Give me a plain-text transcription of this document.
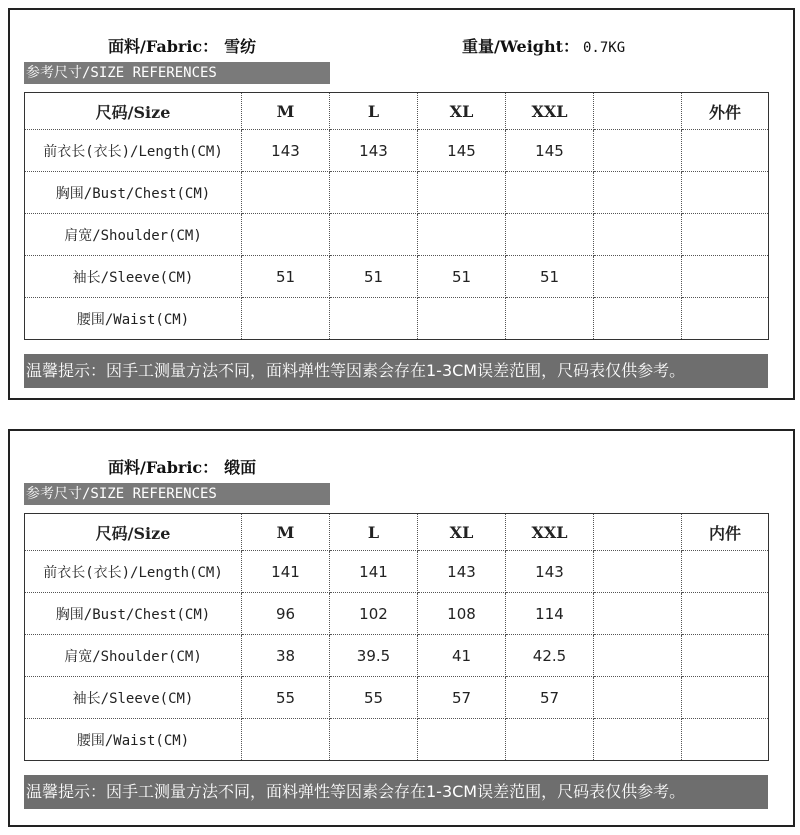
面料/Fabric： 雪纺	重量/Weight： 0.7KG
参考尺寸/SIZE REFERENCES
尺码/Size	M	L	XL	XXL		外件
前衣长(衣长)/Length(CM)	143	143	145	145		
胸围/Bust/Chest(CM)						
肩宽/Shoulder(CM)						
袖长/Sleeve(CM)	51	51	51	51		
腰围/Waist(CM)						
温馨提示：因手工测量方法不同，面料弹性等因素会存在1-3CM误差范围，尺码表仅供参考。
面料/Fabric： 缎面
参考尺寸/SIZE REFERENCES
尺码/Size	M	L	XL	XXL		内件
前衣长(衣长)/Length(CM)	141	141	143	143		
胸围/Bust/Chest(CM)	96	102	108	114		
肩宽/Shoulder(CM)	38	39.5	41	42.5		
袖长/Sleeve(CM)	55	55	57	57		
腰围/Waist(CM)						
温馨提示：因手工测量方法不同，面料弹性等因素会存在1-3CM误差范围，尺码表仅供参考。
